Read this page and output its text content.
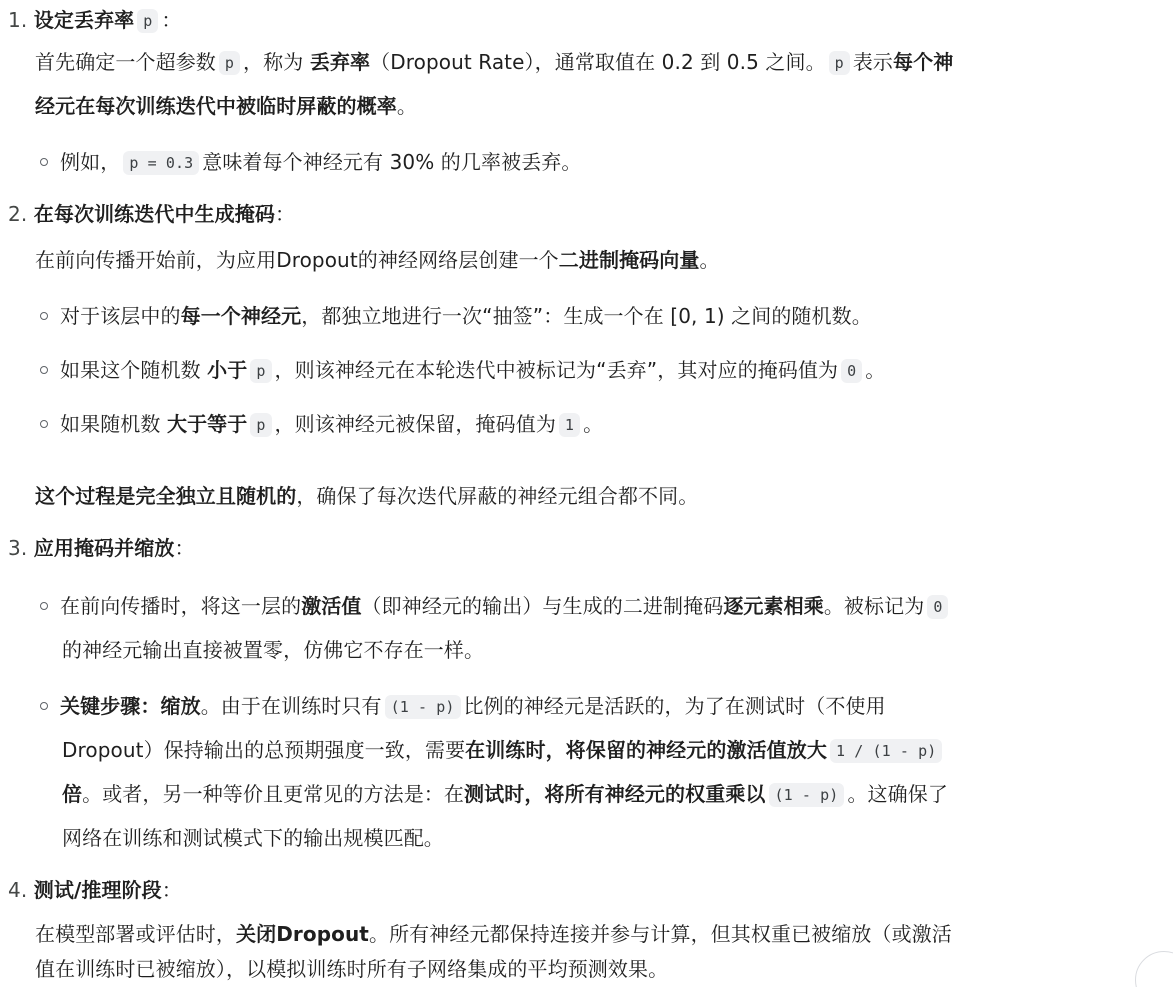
1. 设定丢弃率 p ：
首先确定一个超参数 p ，称为 丢弃率（Dropout Rate），通常取值在 0.2 到 0.5 之间。 p 表示每个神
经元在每次训练迭代中被临时屏蔽的概率。
例如， p = 0.3 意味着每个神经元有 30% 的几率被丢弃。
2. 在每次训练迭代中生成掩码：
在前向传播开始前，为应用Dropout的神经网络层创建一个二进制掩码向量。
对于该层中的每一个神经元，都独立地进行一次“抽签”：生成一个在 [0, 1) 之间的随机数。
如果这个随机数 小于 p ，则该神经元在本轮迭代中被标记为“丢弃”，其对应的掩码值为 0 。
如果随机数 大于等于 p ，则该神经元被保留，掩码值为 1 。
这个过程是完全独立且随机的，确保了每次迭代屏蔽的神经元组合都不同。
3. 应用掩码并缩放：
在前向传播时，将这一层的激活值（即神经元的输出）与生成的二进制掩码逐元素相乘。被标记为 0
的神经元输出直接被置零，仿佛它不存在一样。
关键步骤：缩放。由于在训练时只有 (1 - p) 比例的神经元是活跃的，为了在测试时（不使用
Dropout）保持输出的总预期强度一致，需要在训练时，将保留的神经元的激活值放大 1 / (1 - p)
倍。或者，另一种等价且更常见的方法是：在测试时，将所有神经元的权重乘以 (1 - p) 。这确保了
网络在训练和测试模式下的输出规模匹配。
4. 测试/推理阶段：
在模型部署或评估时，关闭Dropout。所有神经元都保持连接并参与计算，但其权重已被缩放（或激活
值在训练时已被缩放），以模拟训练时所有子网络集成的平均预测效果。
